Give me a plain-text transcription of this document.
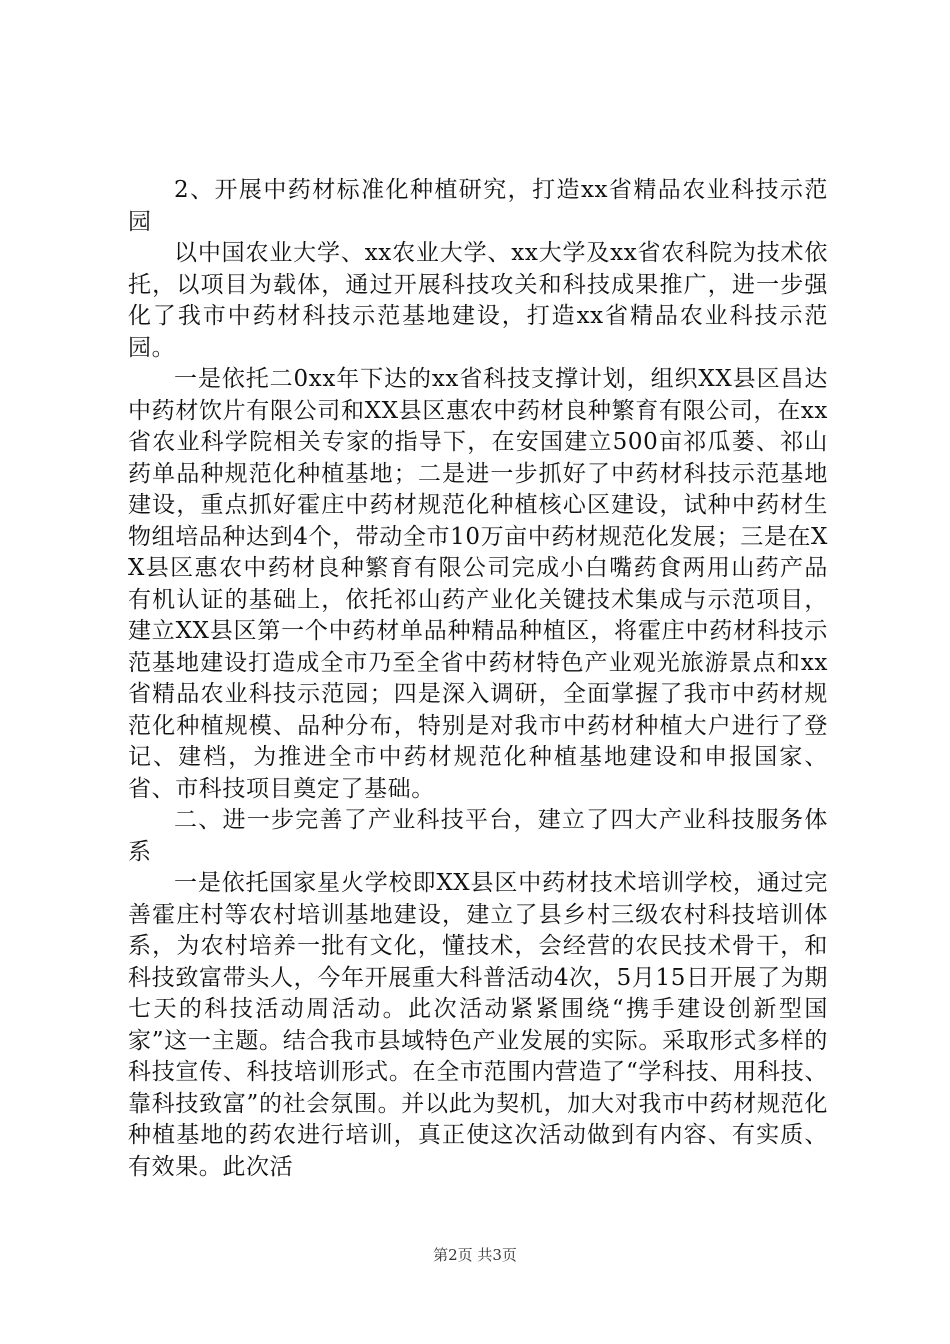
2、开展中药材标准化种植研究，打造xx省精品农业科技示范园

以中国农业大学、xx农业大学、xx大学及xx省农科院为技术依托，以项目为载体，通过开展科技攻关和科技成果推广，进一步强化了我市中药材科技示范基地建设，打造xx省精品农业科技示范园。

一是依托二0xx年下达的xx省科技支撑计划，组织XX县区昌达中药材饮片有限公司和XX县区惠农中药材良种繁育有限公司，在xx省农业科学院相关专家的指导下，在安国建立500亩祁瓜蒌、祁山药单品种规范化种植基地；二是进一步抓好了中药材科技示范基地建设，重点抓好霍庄中药材规范化种植核心区建设，试种中药材生物组培品种达到4个，带动全市10万亩中药材规范化发展；三是在XX县区惠农中药材良种繁育有限公司完成小白嘴药食两用山药产品有机认证的基础上，依托祁山药产业化关键技术集成与示范项目，建立XX县区第一个中药材单品种精品种植区，将霍庄中药材科技示范基地建设打造成全市乃至全省中药材特色产业观光旅游景点和xx省精品农业科技示范园；四是深入调研，全面掌握了我市中药材规范化种植规模、品种分布，特别是对我市中药材种植大户进行了登记、建档，为推进全市中药材规范化种植基地建设和申报国家、省、市科技项目奠定了基础。

二、进一步完善了产业科技平台，建立了四大产业科技服务体系

一是依托国家星火学校即XX县区中药材技术培训学校，通过完善霍庄村等农村培训基地建设，建立了县乡村三级农村科技培训体系，为农村培养一批有文化，懂技术，会经营的农民技术骨干，和科技致富带头人，今年开展重大科普活动4次，5月15日开展了为期七天的科技活动周活动。此次活动紧紧围绕“携手建设创新型国家”这一主题。结合我市县域特色产业发展的实际。采取形式多样的科技宣传、科技培训形式。在全市范围内营造了“学科技、用科技、靠科技致富”的社会氛围。并以此为契机，加大对我市中药材规范化种植基地的药农进行培训，真正使这次活动做到有内容、有实质、有效果。此次活

第2页 共3页
